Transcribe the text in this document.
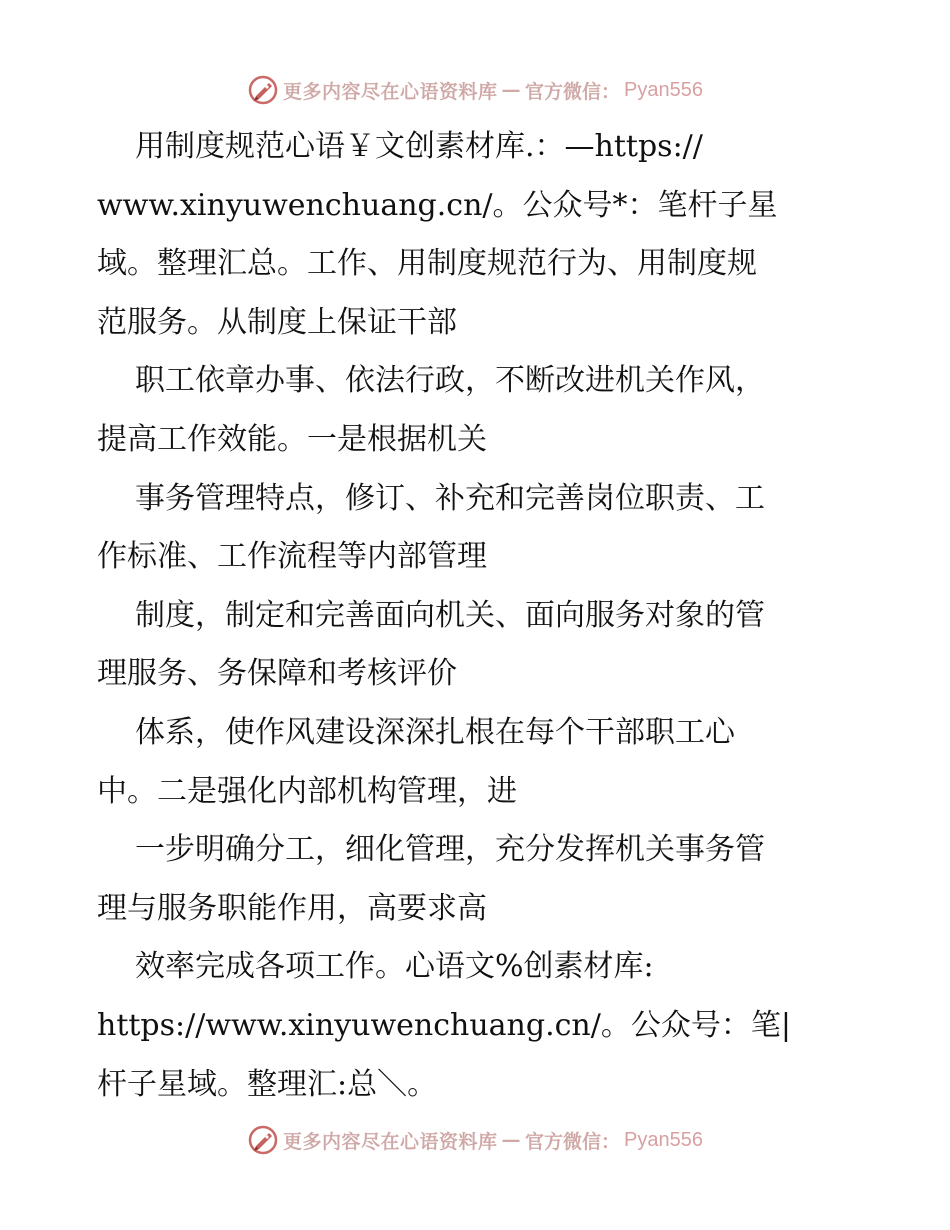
更多内容尽在心语资料库 — 官方微信： Pyan556
用制度规范心语￥文创素材库.：—https://
www.xinyuwenchuang.cn/。公众号*：笔杆子星
域。整理汇总。工作、用制度规范行为、用制度规
范服务。从制度上保证干部
职工依章办事、依法行政，不断改进机关作风，
提高工作效能。一是根据机关
事务管理特点，修订、补充和完善岗位职责、工
作标准、工作流程等内部管理
制度，制定和完善面向机关、面向服务对象的管
理服务、务保障和考核评价
体系，使作风建设深深扎根在每个干部职工心
中。二是强化内部机构管理，进
一步明确分工，细化管理，充分发挥机关事务管
理与服务职能作用，高要求高
效率完成各项工作。心语文%创素材库:
https://www.xinyuwenchuang.cn/。公众号：笔|
杆子星域。整理汇:总＼。
更多内容尽在心语资料库 — 官方微信： Pyan556
